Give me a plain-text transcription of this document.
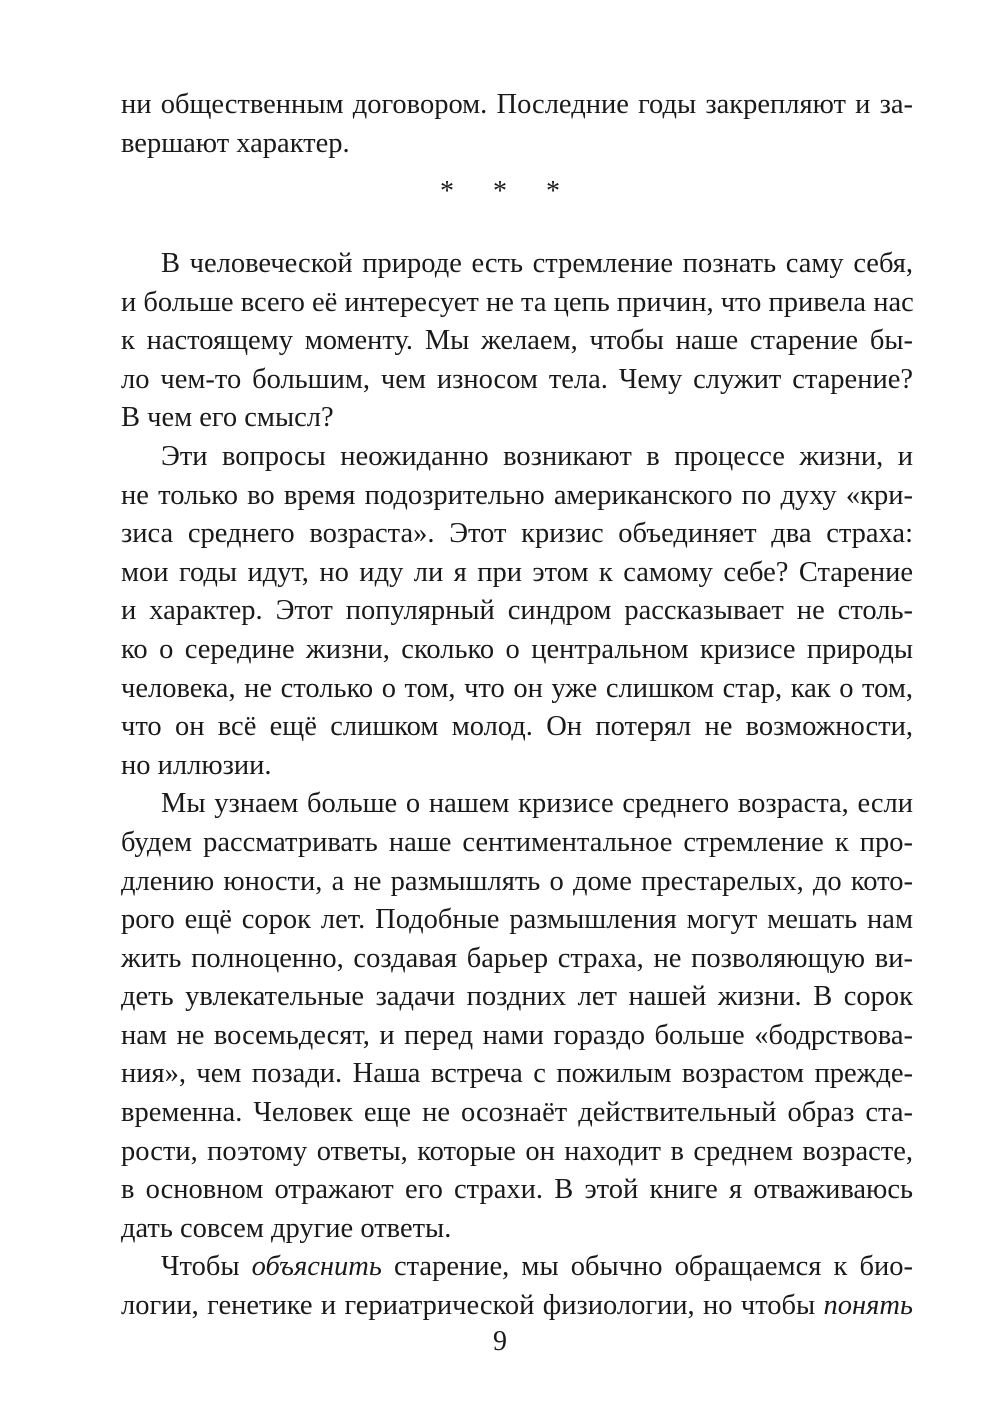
ни общественным договором. Последние годы закрепляют и за-
вершают характер.
* * *
В человеческой природе есть стремление познать саму себя,
и больше всего её интересует не та цепь причин, что привела нас
к настоящему моменту. Мы желаем, чтобы наше старение бы-
ло чем-то большим, чем износом тела. Чему служит старение?
В чем его смысл?
Эти вопросы неожиданно возникают в процессе жизни, и
не только во время подозрительно американского по духу «кри-
зиса среднего возраста». Этот кризис объединяет два страха:
мои годы идут, но иду ли я при этом к самому себе? Старение
и характер. Этот популярный синдром рассказывает не столь-
ко о середине жизни, сколько о центральном кризисе природы
человека, не столько о том, что он уже слишком стар, как о том,
что он всё ещё слишком молод. Он потерял не возможности,
но иллюзии.
Мы узнаем больше о нашем кризисе среднего возраста, если
будем рассматривать наше сентиментальное стремление к про-
длению юности, а не размышлять о доме престарелых, до кото-
рого ещё сорок лет. Подобные размышления могут мешать нам
жить полноценно, создавая барьер страха, не позволяющую ви-
деть увлекательные задачи поздних лет нашей жизни. В сорок
нам не восемьдесят, и перед нами гораздо больше «бодрствова-
ния», чем позади. Наша встреча с пожилым возрастом прежде-
временна. Человек еще не осознаёт действительный образ ста-
рости, поэтому ответы, которые он находит в среднем возрасте,
в основном отражают его страхи. В этой книге я отваживаюсь
дать совсем другие ответы.
Чтобы объяснить старение, мы обычно обращаемся к био-
логии, генетике и гериатрической физиологии, но чтобы понять
9
